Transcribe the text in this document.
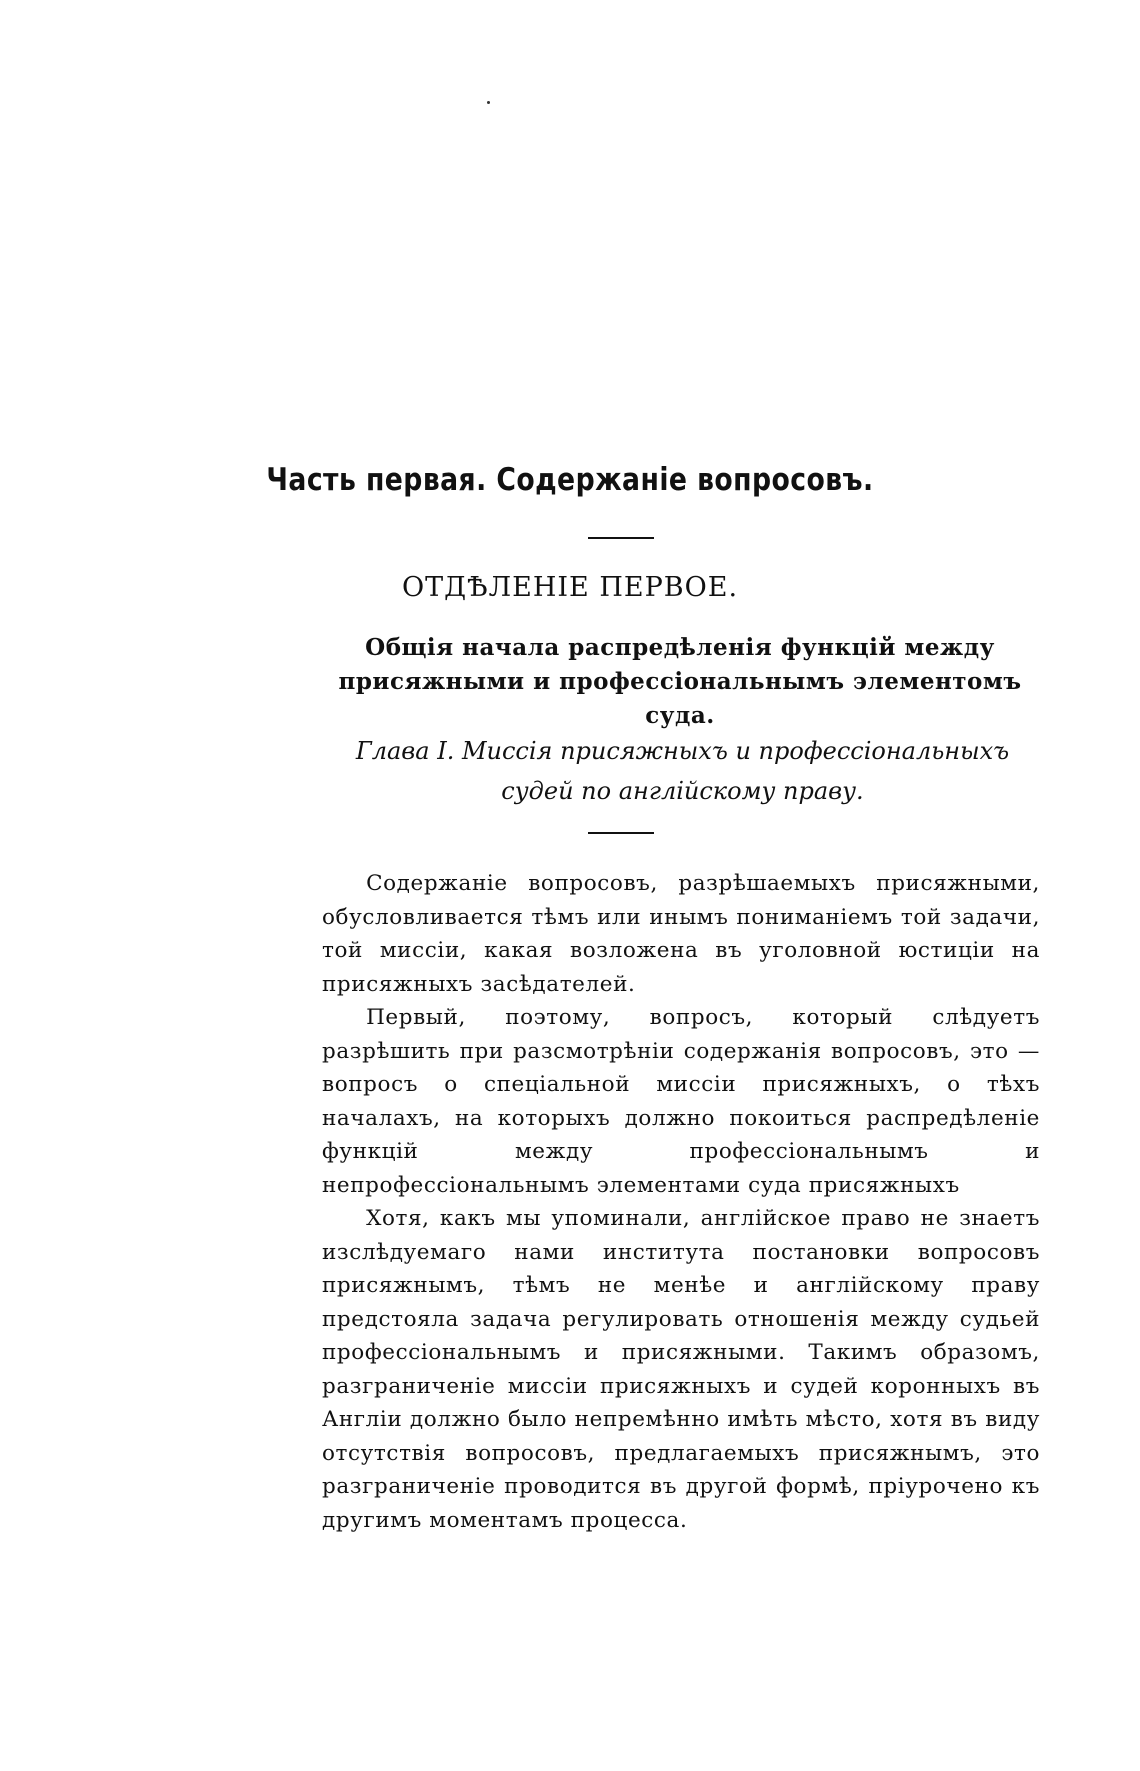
Часть первая. Содержаніе вопросовъ.
ОТДѢЛЕНІЕ ПЕРВОЕ.
Общія начала распредѣленія функцій между присяжными и профессіональнымъ элементомъ суда.
Глава I. Миссія присяжныхъ и профессіональныхъ судей по англійскому праву.

Содержаніе вопросовъ, разрѣшаемыхъ присяжными, обусловливается тѣмъ или инымъ пониманіемъ той задачи, той миссіи, какая возложена въ уголовной юстиціи на присяжныхъ засѣдателей.

Первый, поэтому, вопросъ, который слѣдуетъ разрѣшить при разсмотрѣніи содержанія вопросовъ, это — вопросъ о спеціальной миссіи присяжныхъ, о тѣхъ началахъ, на которыхъ должно покоиться распредѣленіе функцій между профессіональнымъ и непрофессіональнымъ элементами суда присяжныхъ

Хотя, какъ мы упоминали, англійское право не знаетъ изслѣдуемаго нами института постановки вопросовъ присяжнымъ, тѣмъ не менѣе и англійскому праву предстояла задача регулировать отношенія между судьей профессіональнымъ и присяжными. Такимъ образомъ, разграниченіе миссіи присяжныхъ и судей коронныхъ въ Англіи должно было непремѣнно имѣть мѣсто, хотя въ виду отсутствія вопросовъ, предлагаемыхъ присяжнымъ, это разграниченіе проводится въ другой формѣ, пріурочено къ другимъ моментамъ процесса.
